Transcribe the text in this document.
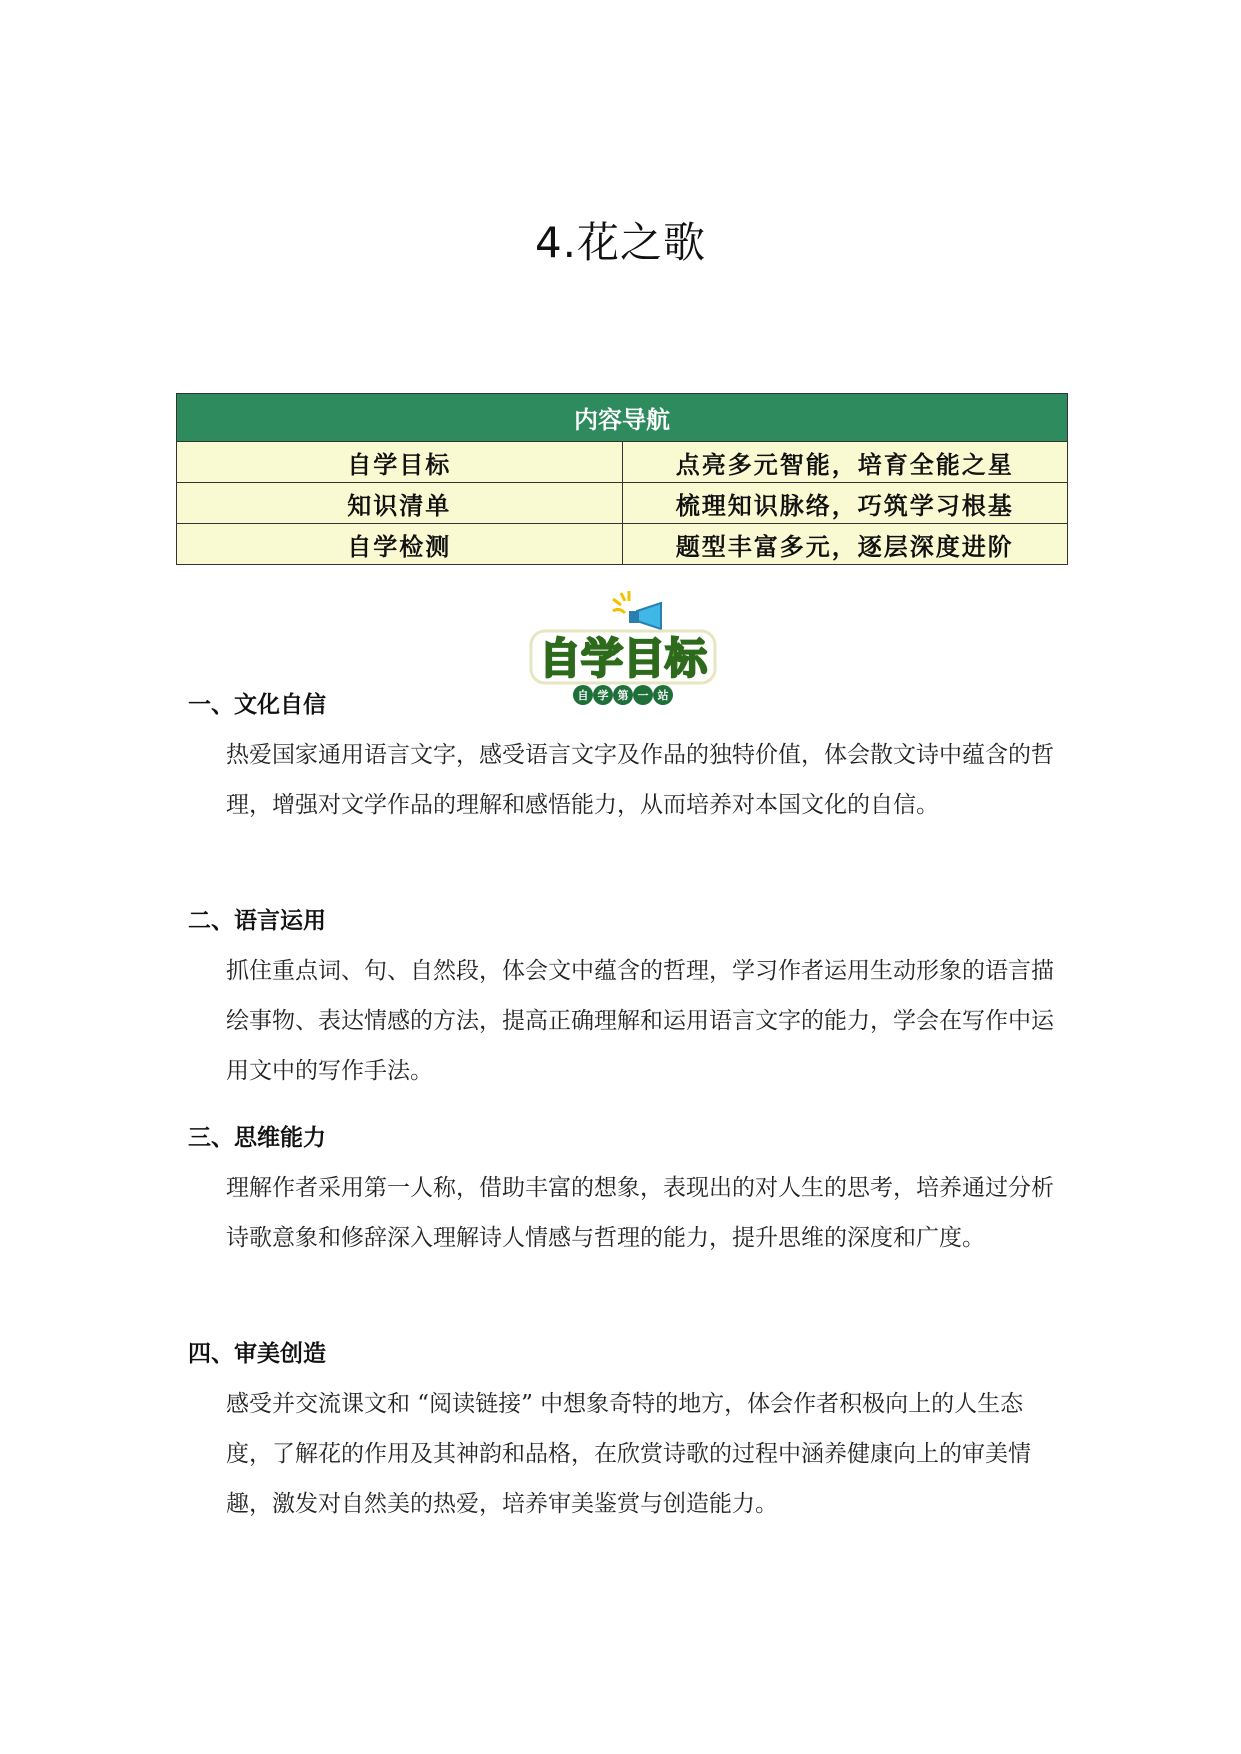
4.花之歌
内容导航	
自学目标	点亮多元智能，培育全能之星
知识清单	梳理知识脉络，巧筑学习根基
自学检测	题型丰富多元，逐层深度进阶
自学目标
自 学 第 一 站
一、文化自信
热爱国家通用语言文字，感受语言文字及作品的独特价值，体会散文诗中蕴含的哲理，增强对文学作品的理解和感悟能力，从而培养对本国文化的自信。
二、语言运用
抓住重点词、句、自然段，体会文中蕴含的哲理，学习作者运用生动形象的语言描绘事物、表达情感的方法，提高正确理解和运用语言文字的能力，学会在写作中运用文中的写作手法。
三、思维能力
理解作者采用第一人称，借助丰富的想象，表现出的对人生的思考，培养通过分析诗歌意象和修辞深入理解诗人情感与哲理的能力，提升思维的深度和广度。
四、审美创造
感受并交流课文和 “阅读链接” 中想象奇特的地方，体会作者积极向上的人生态度，了解花的作用及其神韵和品格，在欣赏诗歌的过程中涵养健康向上的审美情趣，激发对自然美的热爱，培养审美鉴赏与创造能力。
